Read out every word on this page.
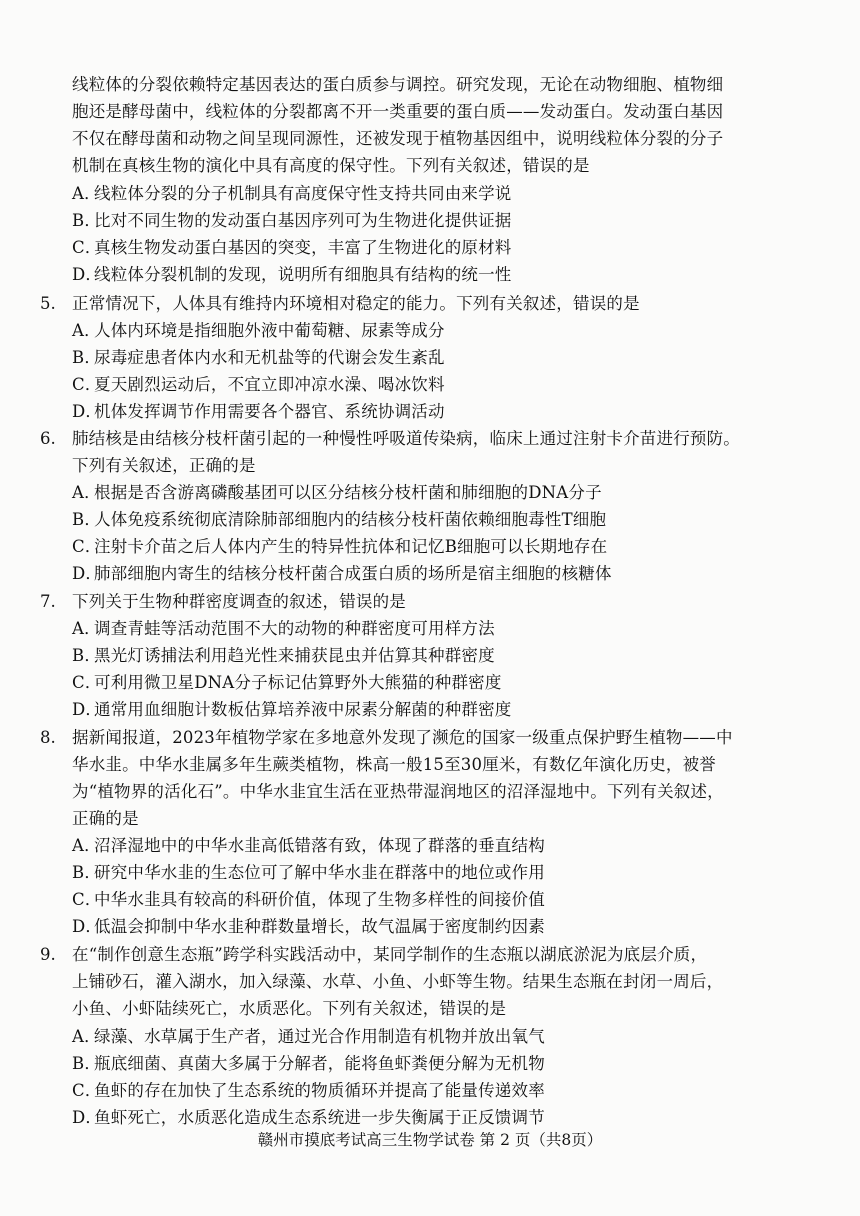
线粒体的分裂依赖特定基因表达的蛋白质参与调控。研究发现，无论在动物细胞、植物细
胞还是酵母菌中，线粒体的分裂都离不开一类重要的蛋白质——发动蛋白。发动蛋白基因
不仅在酵母菌和动物之间呈现同源性，还被发现于植物基因组中，说明线粒体分裂的分子
机制在真核生物的演化中具有高度的保守性。下列有关叙述，错误的是
A．线粒体分裂的分子机制具有高度保守性支持共同由来学说
B．比对不同生物的发动蛋白基因序列可为生物进化提供证据
C．真核生物发动蛋白基因的突变，丰富了生物进化的原材料
D．线粒体分裂机制的发现，说明所有细胞具有结构的统一性
5. 正常情况下，人体具有维持内环境相对稳定的能力。下列有关叙述，错误的是
A．人体内环境是指细胞外液中葡萄糖、尿素等成分
B．尿毒症患者体内水和无机盐等的代谢会发生紊乱
C．夏天剧烈运动后，不宜立即冲凉水澡、喝冰饮料
D．机体发挥调节作用需要各个器官、系统协调活动
6. 肺结核是由结核分枝杆菌引起的一种慢性呼吸道传染病，临床上通过注射卡介苗进行预防。
下列有关叙述，正确的是
A．根据是否含游离磷酸基团可以区分结核分枝杆菌和肺细胞的DNA分子
B．人体免疫系统彻底清除肺部细胞内的结核分枝杆菌依赖细胞毒性T细胞
C．注射卡介苗之后人体内产生的特异性抗体和记忆B细胞可以长期地存在
D．肺部细胞内寄生的结核分枝杆菌合成蛋白质的场所是宿主细胞的核糖体
7. 下列关于生物种群密度调查的叙述，错误的是
A．调查青蛙等活动范围不大的动物的种群密度可用样方法
B．黑光灯诱捕法利用趋光性来捕获昆虫并估算其种群密度
C．可利用微卫星DNA分子标记估算野外大熊猫的种群密度
D．通常用血细胞计数板估算培养液中尿素分解菌的种群密度
8. 据新闻报道，2023年植物学家在多地意外发现了濒危的国家一级重点保护野生植物——中
华水韭。中华水韭属多年生蕨类植物，株高一般15至30厘米，有数亿年演化历史，被誉
为“植物界的活化石”。中华水韭宜生活在亚热带湿润地区的沼泽湿地中。下列有关叙述，
正确的是
A．沼泽湿地中的中华水韭高低错落有致，体现了群落的垂直结构
B．研究中华水韭的生态位可了解中华水韭在群落中的地位或作用
C．中华水韭具有较高的科研价值，体现了生物多样性的间接价值
D．低温会抑制中华水韭种群数量增长，故气温属于密度制约因素
9. 在“制作创意生态瓶”跨学科实践活动中，某同学制作的生态瓶以湖底淤泥为底层介质，
上铺砂石，灌入湖水，加入绿藻、水草、小鱼、小虾等生物。结果生态瓶在封闭一周后，
小鱼、小虾陆续死亡，水质恶化。下列有关叙述，错误的是
A．绿藻、水草属于生产者，通过光合作用制造有机物并放出氧气
B．瓶底细菌、真菌大多属于分解者，能将鱼虾粪便分解为无机物
C．鱼虾的存在加快了生态系统的物质循环并提高了能量传递效率
D．鱼虾死亡，水质恶化造成生态系统进一步失衡属于正反馈调节
赣州市摸底考试高三生物学试卷 第 2 页（共8页）
